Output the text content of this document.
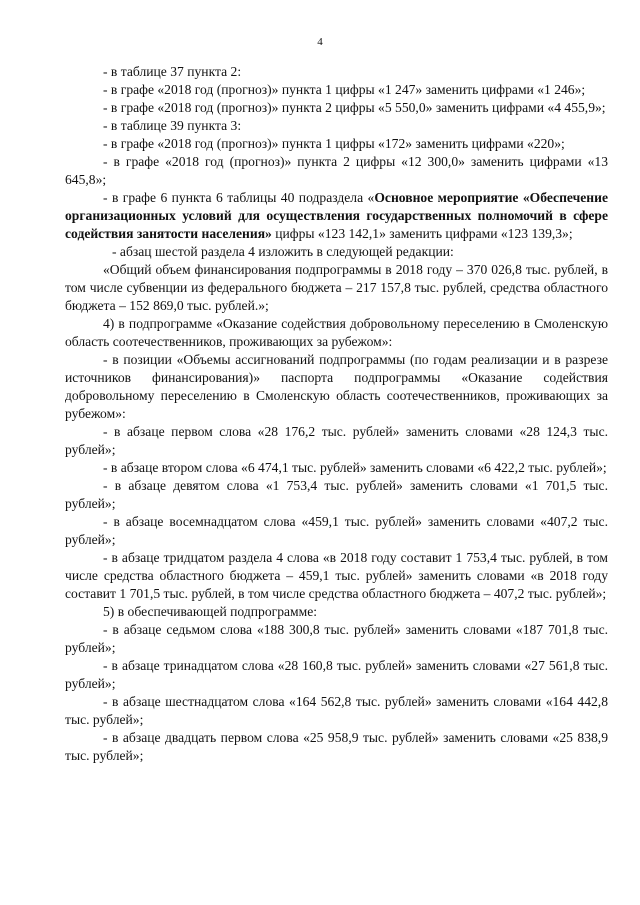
4

- в таблице 37 пункта 2:

- в графе «2018 год (прогноз)» пункта 1 цифры «1 247» заменить цифрами «1 246»;

- в графе «2018 год (прогноз)» пункта 2 цифры «5 550,0» заменить цифрами «4 455,9»;

- в таблице 39 пункта 3:

- в графе «2018 год (прогноз)» пункта 1 цифры «172» заменить цифрами «220»;

- в графе «2018 год (прогноз)» пункта 2 цифры «12 300,0» заменить цифрами «13 645,8»;

- в графе 6 пункта 6 таблицы 40 подраздела «Основное мероприятие «Обеспечение организационных условий для осуществления государственных полномочий в сфере содействия занятости населения» цифры «123 142,1» заменить цифрами «123 139,3»;

- абзац шестой раздела 4 изложить в следующей редакции:

«Общий объем финансирования подпрограммы в 2018 году – 370 026,8 тыс. рублей, в том числе субвенции из федерального бюджета – 217 157,8 тыс. рублей, средства областного бюджета – 152 869,0 тыс. рублей.»;

4) в подпрограмме «Оказание содействия добровольному переселению в Смоленскую область соотечественников, проживающих за рубежом»:

- в позиции «Объемы ассигнований подпрограммы (по годам реализации и в разрезе источников финансирования)» паспорта подпрограммы «Оказание содействия добровольному переселению в Смоленскую область соотечественников, проживающих за рубежом»:

- в абзаце первом слова «28 176,2 тыс. рублей» заменить словами «28 124,3 тыс. рублей»;

- в абзаце втором слова «6 474,1 тыс. рублей» заменить словами «6 422,2 тыс. рублей»;

- в абзаце девятом слова «1 753,4 тыс. рублей» заменить словами «1 701,5 тыс. рублей»;

- в абзаце восемнадцатом слова «459,1 тыс. рублей» заменить словами «407,2 тыс. рублей»;

- в абзаце тридцатом раздела 4 слова «в 2018 году составит 1 753,4 тыс. рублей, в том числе средства областного бюджета – 459,1 тыс. рублей» заменить словами «в 2018 году составит 1 701,5 тыс. рублей, в том числе средства областного бюджета – 407,2 тыс. рублей»;

5) в обеспечивающей подпрограмме:

- в абзаце седьмом слова «188 300,8 тыс. рублей» заменить словами «187 701,8 тыс. рублей»;

- в абзаце тринадцатом слова «28 160,8 тыс. рублей» заменить словами «27 561,8 тыс. рублей»;

- в абзаце шестнадцатом слова «164 562,8 тыс. рублей» заменить словами «164 442,8 тыс. рублей»;

- в абзаце двадцать первом слова «25 958,9 тыс. рублей» заменить словами «25 838,9 тыс. рублей»;
